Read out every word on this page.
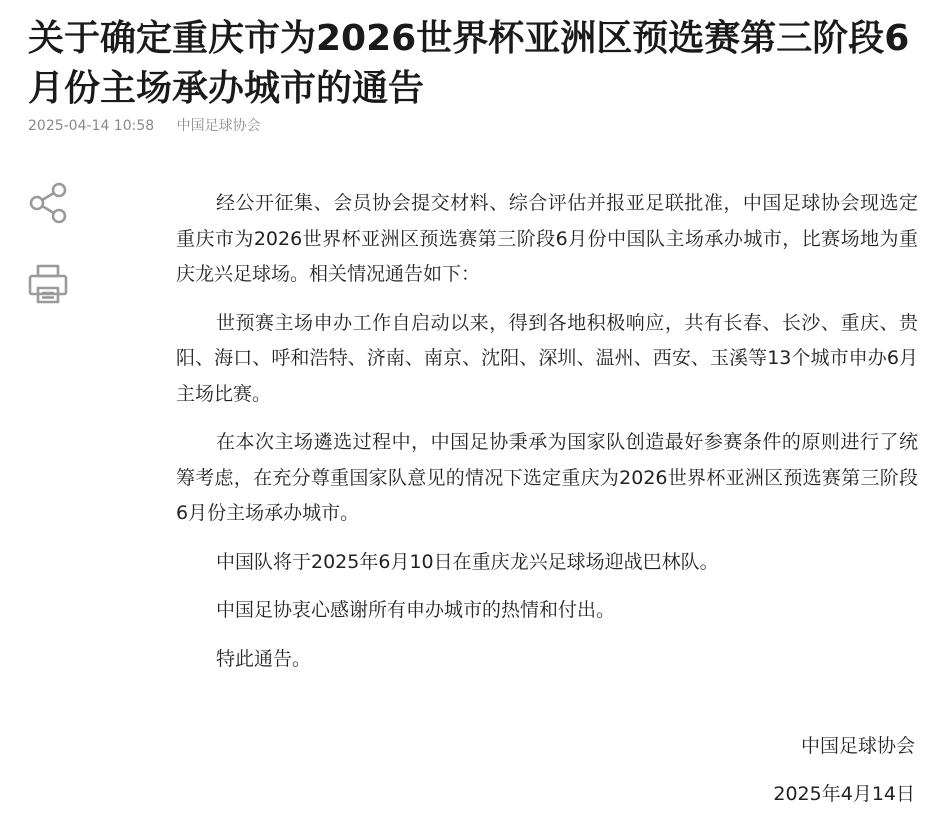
关于确定重庆市为2026世界杯亚洲区预选赛第三阶段6月份主场承办城市的通告
2025-04-14 10:58 中国足球协会

经公开征集、会员协会提交材料、综合评估并报亚足联批准，中国足球协会现选定重庆市为2026世界杯亚洲区预选赛第三阶段6月份中国队主场承办城市，比赛场地为重庆龙兴足球场。相关情况通告如下：

世预赛主场申办工作自启动以来，得到各地积极响应，共有长春、长沙、重庆、贵阳、海口、呼和浩特、济南、南京、沈阳、深圳、温州、西安、玉溪等13个城市申办6月主场比赛。

在本次主场遴选过程中，中国足协秉承为国家队创造最好参赛条件的原则进行了统筹考虑，在充分尊重国家队意见的情况下选定重庆为2026世界杯亚洲区预选赛第三阶段6月份主场承办城市。

中国队将于2025年6月10日在重庆龙兴足球场迎战巴林队。

中国足协衷心感谢所有申办城市的热情和付出。

特此通告。

中国足球协会
2025年4月14日
